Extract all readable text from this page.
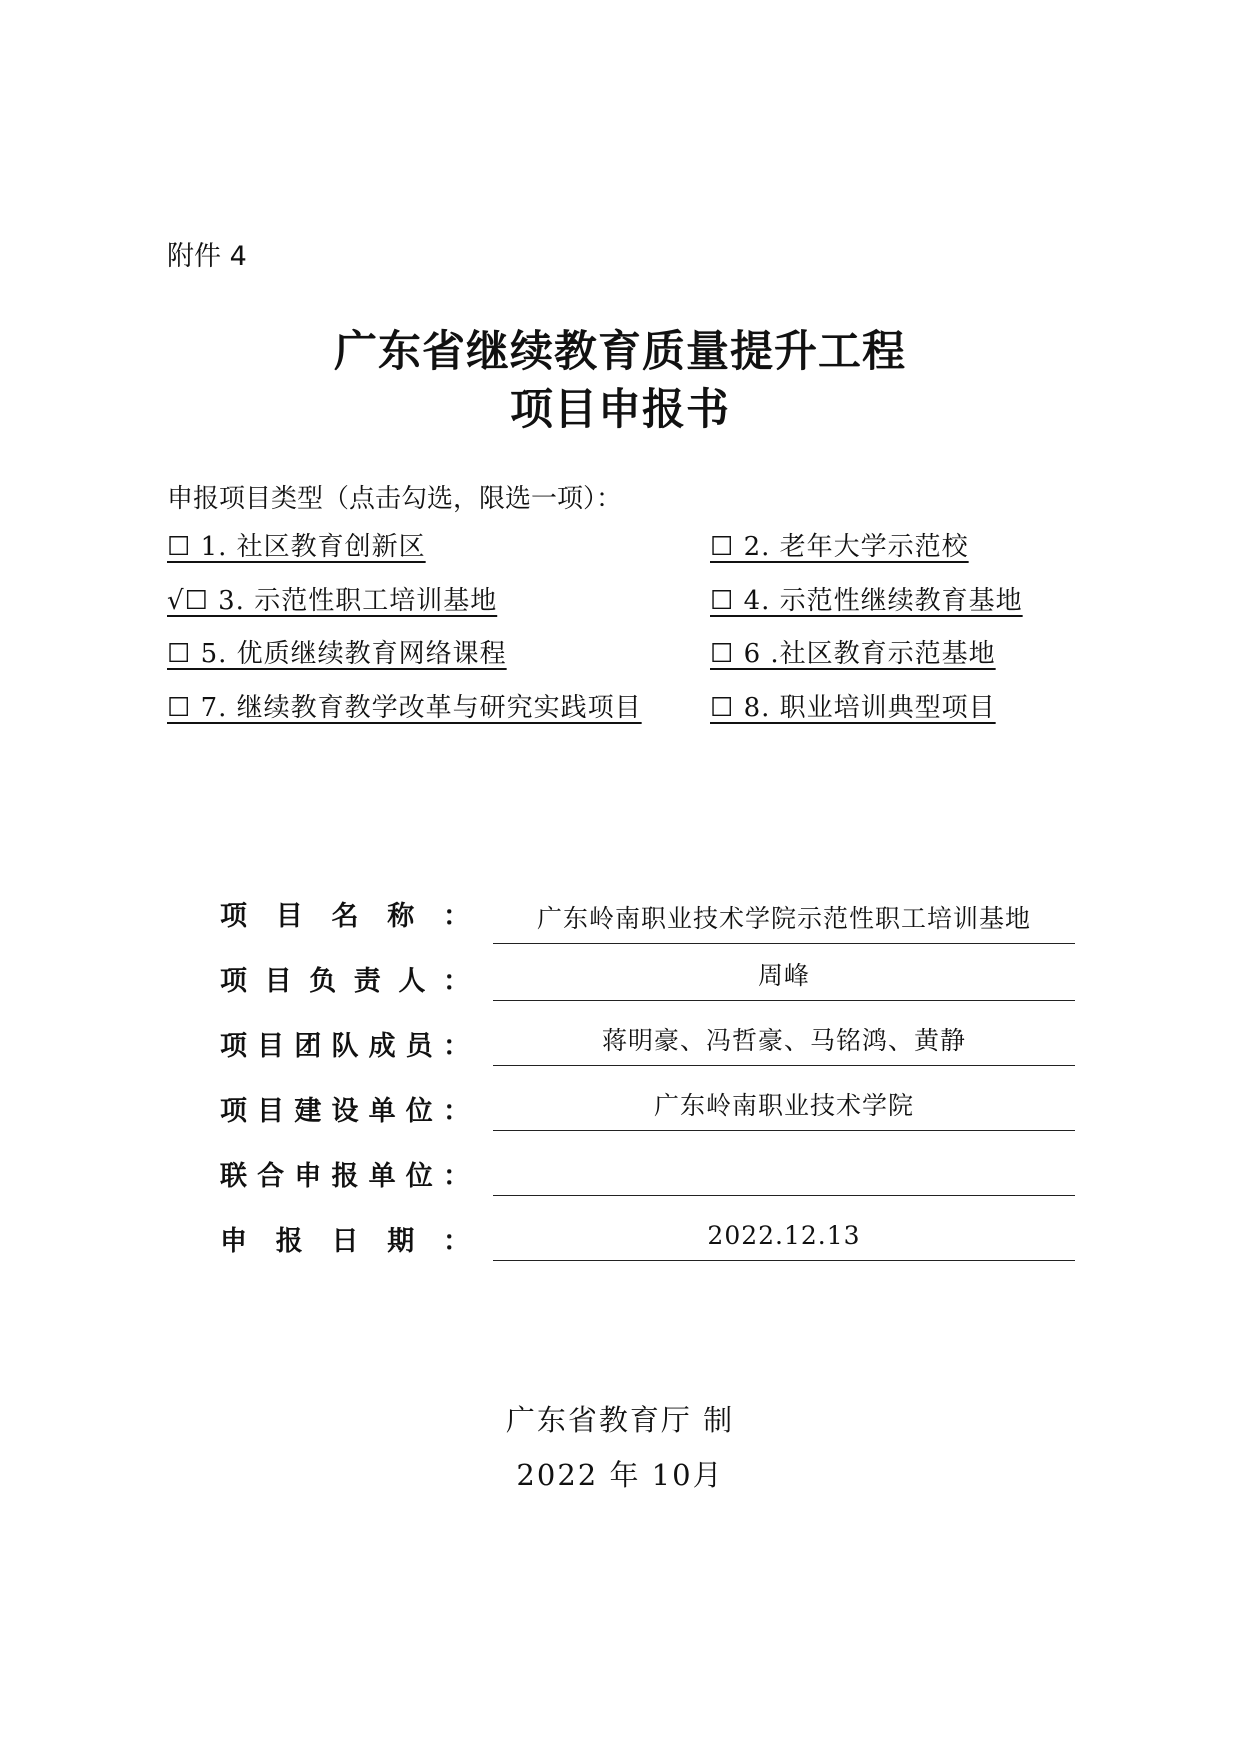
附件 4
广东省继续教育质量提升工程
项目申报书
申报项目类型（点击勾选，限选一项）：
☐ 1. 社区教育创新区	☐ 2. 老年大学示范校
√☐ 3. 示范性职工培训基地	☐ 4. 示范性继续教育基地
☐ 5. 优质继续教育网络课程	☐ 6 .社区教育示范基地
☐ 7. 继续教育教学改革与研究实践项目	☐ 8. 职业培训典型项目
项 目 名 称 ：	广东岭南职业技术学院示范性职工培训基地
项 目 负 责 人 ：	周峰
项 目 团 队 成 员 ：	蒋明豪、冯哲豪、马铭鸿、黄静
项 目 建 设 单 位 ：	广东岭南职业技术学院
联 合 申 报 单 位 ：
申 报 日 期 ：	2022.12.13
广东省教育厅 制
2022 年 10月
